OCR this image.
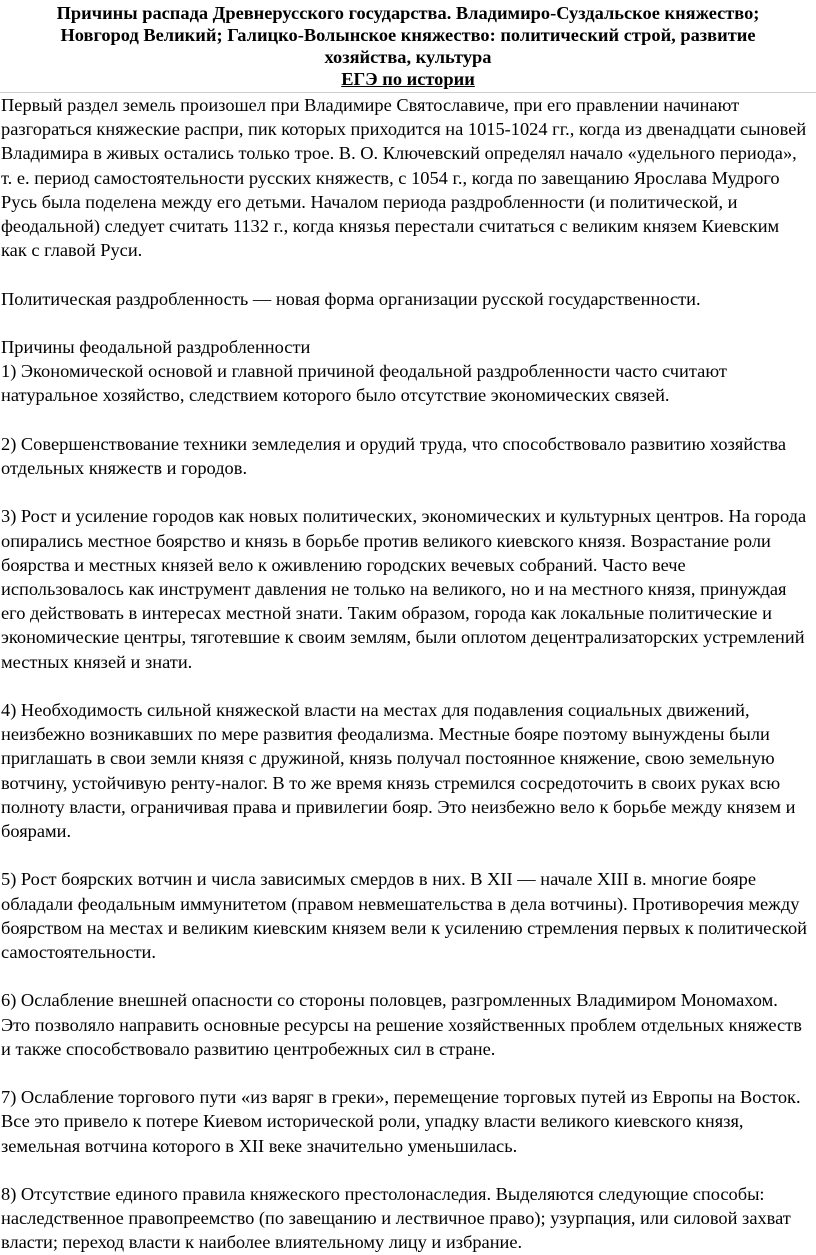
Причины распада Древнерусского государства. Владимиро-Суздальское княжество;
Новгород Великий; Галицко-Волынское княжество: политический строй, развитие
хозяйства, культура
ЕГЭ по истории

Первый раздел земель произошел при Владимире Святославиче, при его правлении начинают разгораться княжеские распри, пик которых приходится на 1015-1024 гг., когда из двенадцати сыновей Владимира в живых остались только трое. В. О. Ключевский определял начало «удельного периода», т. е. период самостоятельности русских княжеств, с 1054 г., когда по завещанию Ярослава Мудрого Русь была поделена между его детьми. Началом периода раздробленности (и политической, и феодальной) следует считать 1132 г., когда князья перестали считаться с великим князем Киевским как с главой Руси.

Политическая раздробленность — новая форма организации русской государственности.

Причины феодальной раздробленности

1) Экономической основой и главной причиной феодальной раздробленности часто считают натуральное хозяйство, следствием которого было отсутствие экономических связей.

2) Совершенствование техники земледелия и орудий труда, что способствовало развитию хозяйства отдельных княжеств и городов.

3) Рост и усиление городов как новых политических, экономических и культурных центров. На города опирались местное боярство и князь в борьбе против великого киевского князя. Возрастание роли боярства и местных князей вело к оживлению городских вечевых собраний. Часто вече использовалось как инструмент давления не только на великого, но и на местного князя, принуждая его действовать в интересах местной знати. Таким образом, города как локальные политические и экономические центры, тяготевшие к своим землям, были оплотом децентрализаторских устремлений местных князей и знати.

4) Необходимость сильной княжеской власти на местах для подавления социальных движений, неизбежно возникавших по мере развития феодализма. Местные бояре поэтому вынуждены были приглашать в свои земли князя с дружиной, князь получал постоянное княжение, свою земельную вотчину, устойчивую ренту-налог. В то же время князь стремился сосредоточить в своих руках всю полноту власти, ограничивая права и привилегии бояр. Это неизбежно вело к борьбе между князем и боярами.

5) Рост боярских вотчин и числа зависимых смердов в них. В XII — начале XIII в. многие бояре обладали феодальным иммунитетом (правом невмешательства в дела вотчины). Противоречия между боярством на местах и великим киевским князем вели к усилению стремления первых к политической самостоятельности.

6) Ослабление внешней опасности со стороны половцев, разгромленных Владимиром Мономахом. Это позволяло направить основные ресурсы на решение хозяйственных проблем отдельных княжеств и также способствовало развитию центробежных сил в стране.

7) Ослабление торгового пути «из варяг в греки», перемещение торговых путей из Европы на Восток. Все это привело к потере Киевом исторической роли, упадку власти великого киевского князя, земельная вотчина которого в XII веке значительно уменьшилась.

8) Отсутствие единого правила княжеского престолонаследия. Выделяются следующие способы: наследственное правопреемство (по завещанию и лествичное право); узурпация, или силовой захват власти; переход власти к наиболее влиятельному лицу и избрание.
